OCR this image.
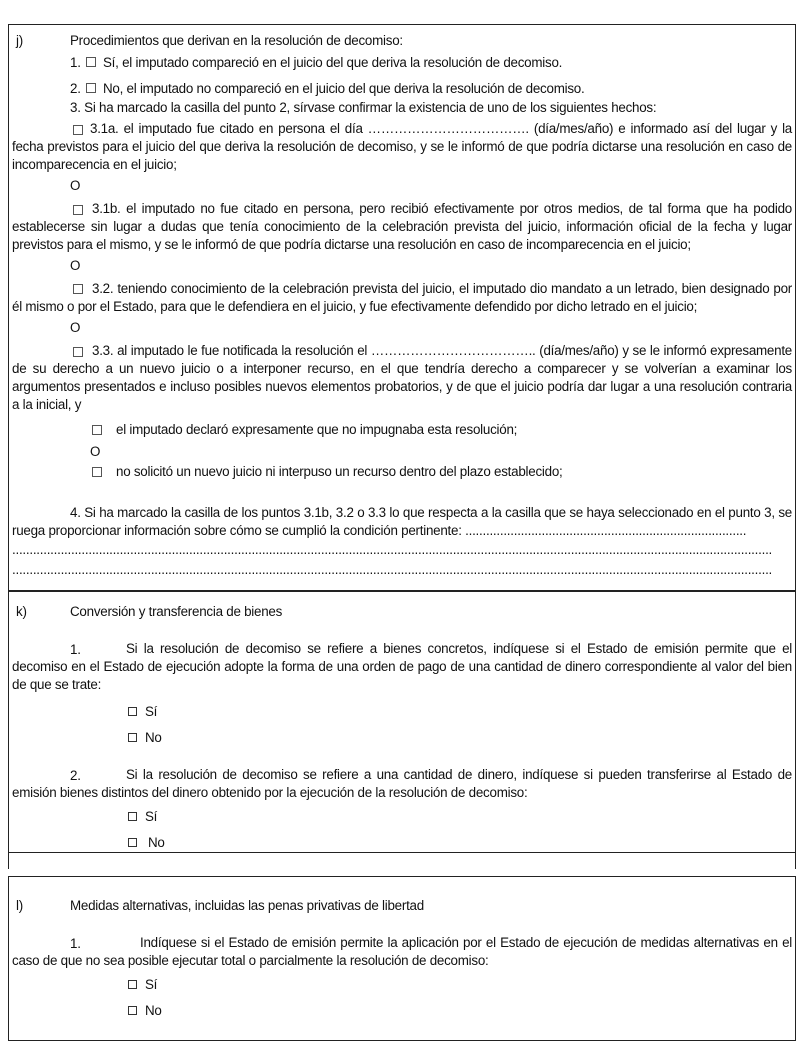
j)	Procedimientos que derivan en la resolución de decomiso:
1. Sí, el imputado compareció en el juicio del que deriva la resolución de decomiso.
2. No, el imputado no compareció en el juicio del que deriva la resolución de decomiso.
3. Si ha marcado la casilla del punto 2, sírvase confirmar la existencia de uno de los siguientes hechos:
3.1a. el imputado fue citado en persona el día ………………………………. (día/mes/año) e informado así del lugar y la fecha previstos para el juicio del que deriva la resolución de decomiso, y se le informó de que podría dictarse una resolución en caso de incomparecencia en el juicio;
O
3.1b. el imputado no fue citado en persona, pero recibió efectivamente por otros medios, de tal forma que ha podido establecerse sin lugar a dudas que tenía conocimiento de la celebración prevista del juicio, información oficial de la fecha y lugar previstos para el mismo, y se le informó de que podría dictarse una resolución en caso de incomparecencia en el juicio;
O
3.2. teniendo conocimiento de la celebración prevista del juicio, el imputado dio mandato a un letrado, bien designado por él mismo o por el Estado, para que le defendiera en el juicio, y fue efectivamente defendido por dicho letrado en el juicio;
O
3.3. al imputado le fue notificada la resolución el ……………………………….. (día/mes/año) y se le informó expresamente de su derecho a un nuevo juicio o a interponer recurso, en el que tendría derecho a comparecer y se volverían a examinar los argumentos presentados e incluso posibles nuevos elementos probatorios, y de que el juicio podría dar lugar a una resolución contraria a la inicial, y
el imputado declaró expresamente que no impugnaba esta resolución;
O
no solicitó un nuevo juicio ni interpuso un recurso dentro del plazo establecido;
4. Si ha marcado la casilla de los puntos 3.1b, 3.2 o 3.3 lo que respecta a la casilla que se haya seleccionado en el punto 3, se ruega proporcionar información sobre cómo se cumplió la condición pertinente: .................................................................................
...........................................................................................................................................................................................................................
...........................................................................................................................................................................................................................
k)	Conversión y transferencia de bienes
1.	Si la resolución de decomiso se refiere a bienes concretos, indíquese si el Estado de emisión permite que el decomiso en el Estado de ejecución adopte la forma de una orden de pago de una cantidad de dinero correspondiente al valor del bien de que se trate:
Sí
No
2.	Si la resolución de decomiso se refiere a una cantidad de dinero, indíquese si pueden transferirse al Estado de emisión bienes distintos del dinero obtenido por la ejecución de la resolución de decomiso:
Sí
No
l)	Medidas alternativas, incluidas las penas privativas de libertad
1.	Indíquese si el Estado de emisión permite la aplicación por el Estado de ejecución de medidas alternativas en el caso de que no sea posible ejecutar total o parcialmente la resolución de decomiso:
Sí
No
